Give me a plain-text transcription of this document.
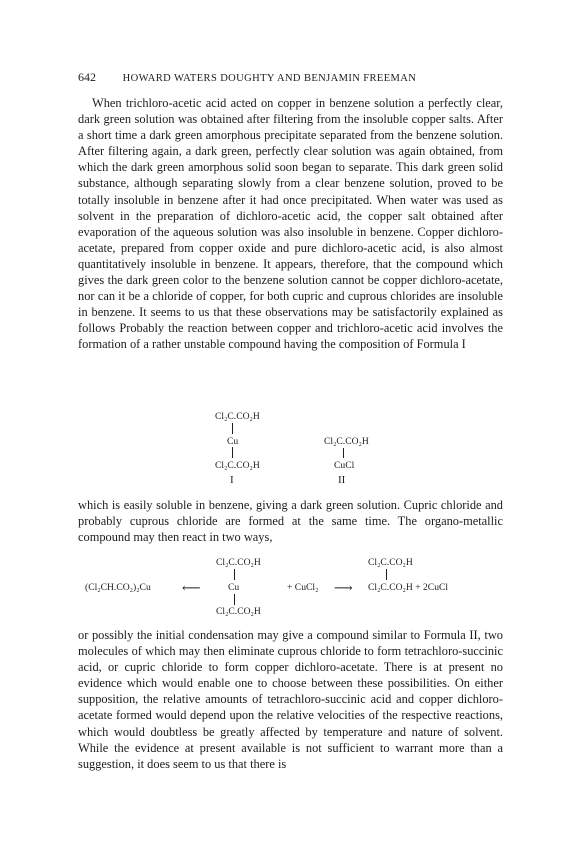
642	HOWARD WATERS DOUGHTY AND BENJAMIN FREEMAN

When trichloro-acetic acid acted on copper in benzene solution a perfectly clear, dark green solution was obtained after filtering from the insoluble copper salts. After a short time a dark green amorphous precipitate separated from the benzene solution. After filtering again, a dark green, perfectly clear solution was again obtained, from which the dark green amorphous solid soon began to separate. This dark green solid substance, although separating slowly from a clear benzene solution, proved to be totally insoluble in benzene after it had once precipitated. When water was used as solvent in the preparation of dichloro-acetic acid, the copper salt obtained after evaporation of the aqueous solution was also insoluble in benzene. Copper dichloro-acetate, prepared from copper oxide and pure dichloro-acetic acid, is also almost quantitatively insoluble in benzene. It appears, therefore, that the compound which gives the dark green color to the benzene solution cannot be copper dichloro-acetate, nor can it be a chloride of copper, for both cupric and cuprous chlorides are insoluble in benzene. It seems to us that these observations may be satisfactorily explained as follows Probably the reaction between copper and trichloro-acetic acid involves the formation of a rather unstable compound having the composition of Formula I

Cl₂C.CO₂H
Cu
Cl₂C.CO₂H
I
Cl₂C.CO₂H
CuCl
II

which is easily soluble in benzene, giving a dark green solution. Cupric chloride and probably cuprous chloride are formed at the same time. The organo-metallic compound may then react in two ways,

(Cl₂CH.CO₂)₂Cu ⟵
Cl₂C.CO₂H
Cu
Cl₂C.CO₂H
+ CuCl₂ ⟶
Cl₂C.CO₂H
Cl₂C.CO₂H + 2CuCl

or possibly the initial condensation may give a compound similar to Formula II, two molecules of which may then eliminate cuprous chloride to form tetrachloro-succinic acid, or cupric chloride to form copper dichloro-acetate. There is at present no evidence which would enable one to choose between these possibilities. On either supposition, the relative amounts of tetrachloro-succinic acid and copper dichloro-acetate formed would depend upon the relative velocities of the respective reactions, which would doubtless be greatly affected by temperature and nature of solvent. While the evidence at present available is not sufficient to warrant more than a suggestion, it does seem to us that there is
